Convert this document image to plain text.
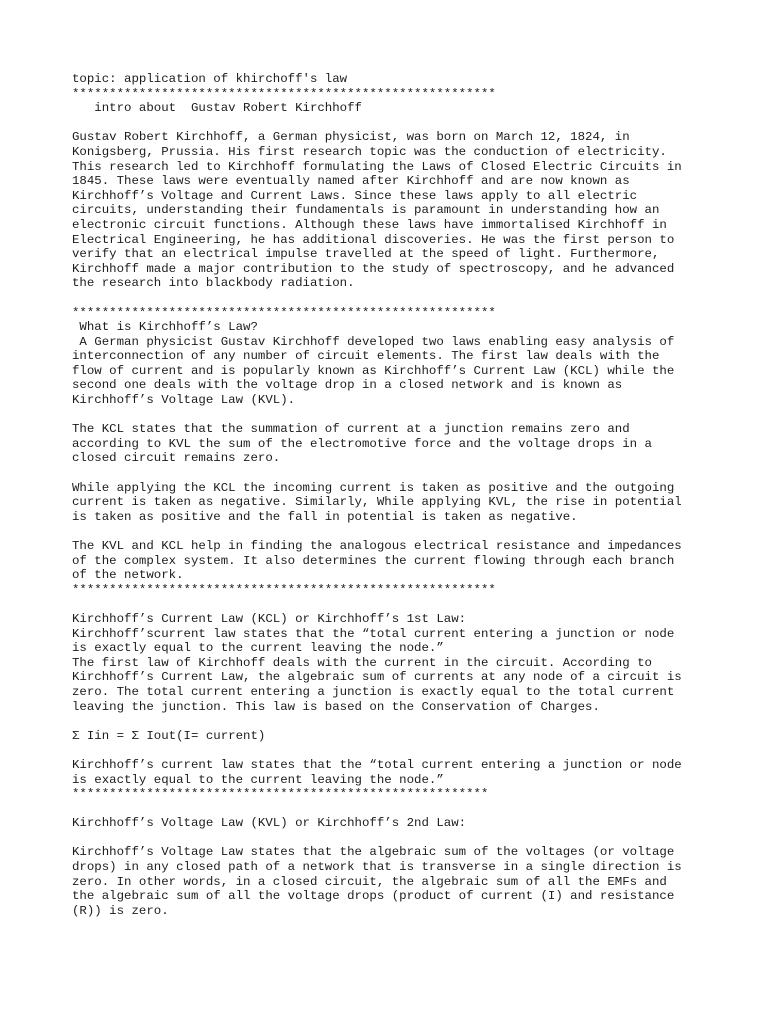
topic: application of khirchoff's law
*********************************************************
intro about  Gustav Robert Kirchhoff
Gustav Robert Kirchhoff, a German physicist, was born on March 12, 1824, in
Konigsberg, Prussia. His first research topic was the conduction of electricity.
This research led to Kirchhoff formulating the Laws of Closed Electric Circuits in
1845. These laws were eventually named after Kirchhoff and are now known as
Kirchhoff’s Voltage and Current Laws. Since these laws apply to all electric
circuits, understanding their fundamentals is paramount in understanding how an
electronic circuit functions. Although these laws have immortalised Kirchhoff in
Electrical Engineering, he has additional discoveries. He was the first person to
verify that an electrical impulse travelled at the speed of light. Furthermore,
Kirchhoff made a major contribution to the study of spectroscopy, and he advanced
the research into blackbody radiation.
*********************************************************
What is Kirchhoff’s Law?
A German physicist Gustav Kirchhoff developed two laws enabling easy analysis of
interconnection of any number of circuit elements. The first law deals with the
flow of current and is popularly known as Kirchhoff’s Current Law (KCL) while the
second one deals with the voltage drop in a closed network and is known as
Kirchhoff’s Voltage Law (KVL).
The KCL states that the summation of current at a junction remains zero and
according to KVL the sum of the electromotive force and the voltage drops in a
closed circuit remains zero.
While applying the KCL the incoming current is taken as positive and the outgoing
current is taken as negative. Similarly, While applying KVL, the rise in potential
is taken as positive and the fall in potential is taken as negative.
The KVL and KCL help in finding the analogous electrical resistance and impedances
of the complex system. It also determines the current flowing through each branch
of the network.
*********************************************************
Kirchhoff’s Current Law (KCL) or Kirchhoff’s 1st Law:
Kirchhoff’scurrent law states that the “total current entering a junction or node
is exactly equal to the current leaving the node.”
The first law of Kirchhoff deals with the current in the circuit. According to
Kirchhoff’s Current Law, the algebraic sum of currents at any node of a circuit is
zero. The total current entering a junction is exactly equal to the total current
leaving the junction. This law is based on the Conservation of Charges.
Σ Iin = Σ Iout(I= current)
Kirchhoff’s current law states that the “total current entering a junction or node
is exactly equal to the current leaving the node.”
********************************************************
Kirchhoff’s Voltage Law (KVL) or Kirchhoff’s 2nd Law:
Kirchhoff’s Voltage Law states that the algebraic sum of the voltages (or voltage
drops) in any closed path of a network that is transverse in a single direction is
zero. In other words, in a closed circuit, the algebraic sum of all the EMFs and
the algebraic sum of all the voltage drops (product of current (I) and resistance
(R)) is zero.
